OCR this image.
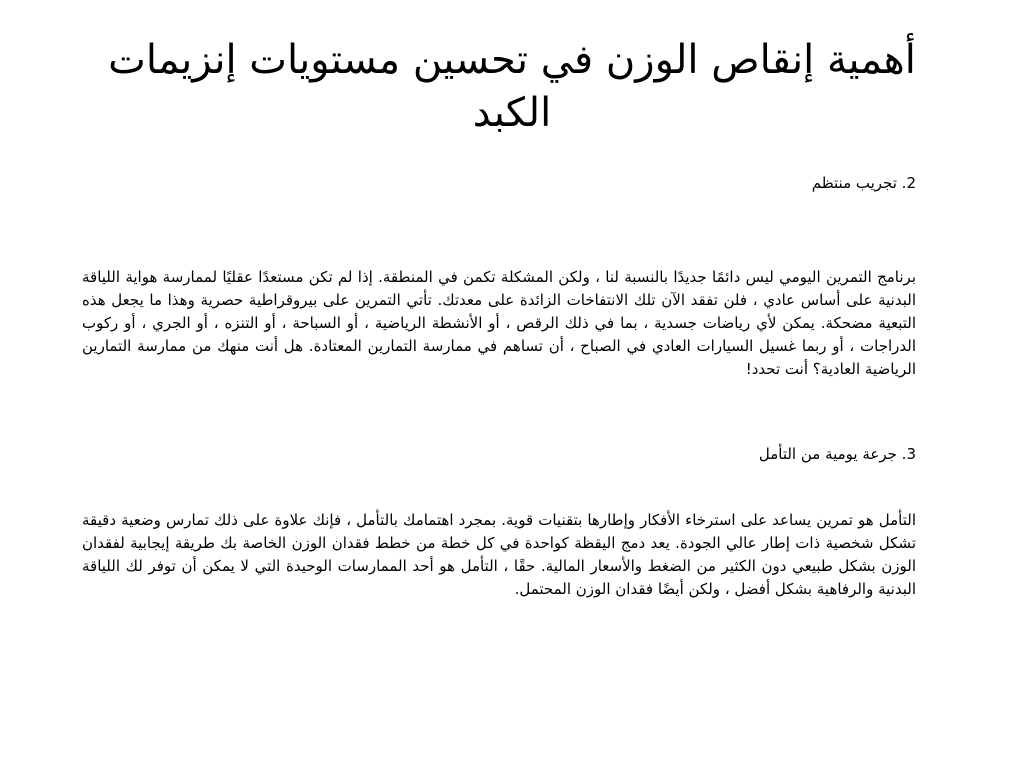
أهمية إنقاص الوزن في تحسين مستويات إنزيمات الكبد

2. تجريب منتظم

برنامج التمرين اليومي ليس دائمًا جديدًا بالنسبة لنا ، ولكن المشكلة تكمن في المنطقة. إذا لم تكن مستعدًا عقليًا لممارسة هواية اللياقة البدنية على أساس عادي ، فلن تفقد الآن تلك الانتفاخات الزائدة على معدتك. تأتي التمرين على بيروقراطية حصرية وهذا ما يجعل هذه التبعية مضحكة. يمكن لأي رياضات جسدية ، بما في ذلك الرقص ، أو الأنشطة الرياضية ، أو السباحة ، أو التنزه ، أو الجري ، أو ركوب الدراجات ، أو ربما غسيل السيارات العادي في الصباح ، أن تساهم في ممارسة التمارين المعتادة. هل أنت منهك من ممارسة التمارين الرياضية العادية؟ أنت تحدد!

3. جرعة يومية من التأمل

التأمل هو تمرين يساعد على استرخاء الأفكار وإطارها بتقنيات قوية. بمجرد اهتمامك بالتأمل ، فإنك علاوة على ذلك تمارس وضعية دقيقة تشكل شخصية ذات إطار عالي الجودة. يعد دمج اليقظة كواحدة في كل خطة من خطط فقدان الوزن الخاصة بك طريقة إيجابية لفقدان الوزن بشكل طبيعي دون الكثير من الضغط والأسعار المالية. حقًا ، التأمل هو أحد الممارسات الوحيدة التي لا يمكن أن توفر لك اللياقة البدنية والرفاهية بشكل أفضل ، ولكن أيضًا فقدان الوزن المحتمل.
